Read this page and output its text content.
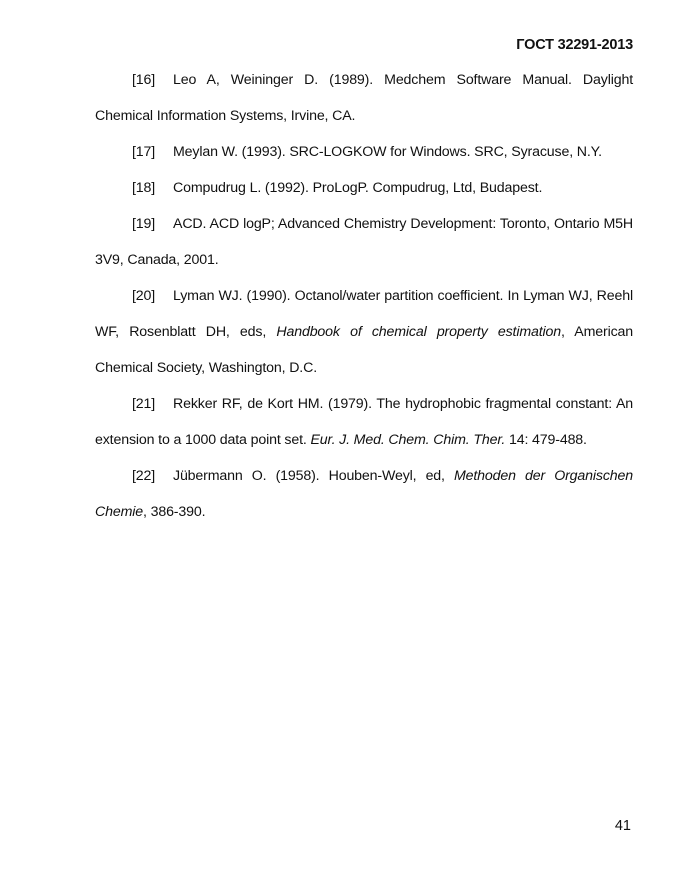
ГОСТ 32291-2013

[16] Leo A, Weininger D. (1989). Medchem Software Manual. Daylight Chemical Information Systems, Irvine, CA.

[17] Meylan W. (1993). SRC-LOGKOW for Windows. SRC, Syracuse, N.Y.

[18] Compudrug L. (1992). ProLogP. Compudrug, Ltd, Budapest.

[19] ACD. ACD logP; Advanced Chemistry Development: Toronto, Ontario M5H 3V9, Canada, 2001.

[20] Lyman WJ. (1990). Octanol/water partition coefficient. In Lyman WJ, Reehl WF, Rosenblatt DH, eds, Handbook of chemical property estimation, American Chemical Society, Washington, D.C.

[21] Rekker RF, de Kort HM. (1979). The hydrophobic fragmental constant: An extension to a 1000 data point set. Eur. J. Med. Chem. Chim. Ther. 14: 479-488.

[22] Jübermann O. (1958). Houben-Weyl, ed, Methoden der Organischen Chemie, 386-390.

41
